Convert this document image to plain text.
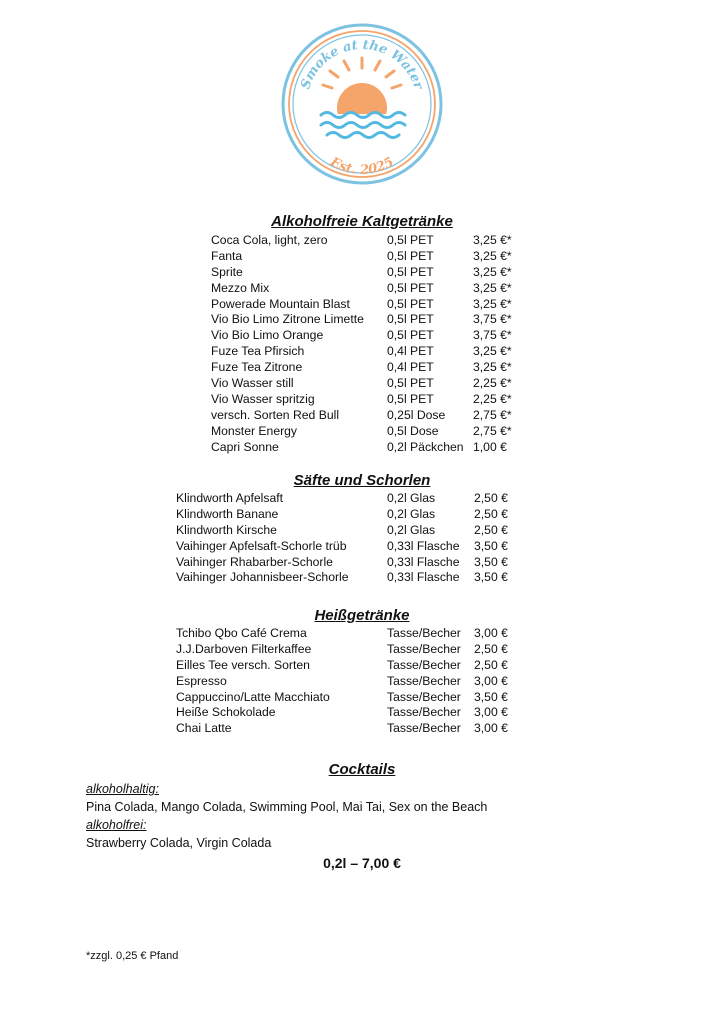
Smoke at the Water
Est. 2025
Alkoholfreie Kaltgetränke
Coca Cola, light, zero	0,5l PET	3,25 €*
Fanta	0,5l PET	3,25 €*
Sprite	0,5l PET	3,25 €*
Mezzo Mix	0,5l PET	3,25 €*
Powerade Mountain Blast	0,5l PET	3,25 €*
Vio Bio Limo Zitrone Limette 0,5l PET	3,75 €*
Vio Bio Limo Orange	0,5l PET	3,75 €*
Fuze Tea Pfirsich	0,4l PET	3,25 €*
Fuze Tea Zitrone	0,4l PET	3,25 €*
Vio Wasser still	0,5l PET	2,25 €*
Vio Wasser spritzig	0,5l PET	2,25 €*
versch. Sorten Red Bull	0,25l Dose 2,75 €*
Monster Energy	0,5l Dose	2,75 €*
Capri Sonne	0,2l Päckchen 1,00 €
Säfte und Schorlen
Klindworth Apfelsaft	0,2l Glas	2,50 €
Klindworth Banane	0,2l Glas	2,50 €
Klindworth Kirsche	0,2l Glas	2,50 €
Vaihinger Apfelsaft-Schorle trüb	0,33l Flasche 3,50 €
Vaihinger Rhabarber-Schorle	0,33l Flasche 3,50 €
Vaihinger Johannisbeer-Schorle	0,33l Flasche 3,50 €
Heißgetränke
Tchibo Qbo Café Crema	Tasse/Becher 3,00 €
J.J.Darboven Filterkaffee	Tasse/Becher 2,50 €
Eilles Tee versch. Sorten	Tasse/Becher 2,50 €
Espresso	Tasse/Becher 3,00 €
Cappuccino/Latte Macchiato	Tasse/Becher 3,50 €
Heiße Schokolade	Tasse/Becher 3,00 €
Chai Latte	Tasse/Becher 3,00 €
Cocktails
alkoholhaltig:
Pina Colada, Mango Colada, Swimming Pool, Mai Tai, Sex on the Beach
alkoholfrei:
Strawberry Colada, Virgin Colada
0,2l – 7,00 €
*zzgl. 0,25 € Pfand
